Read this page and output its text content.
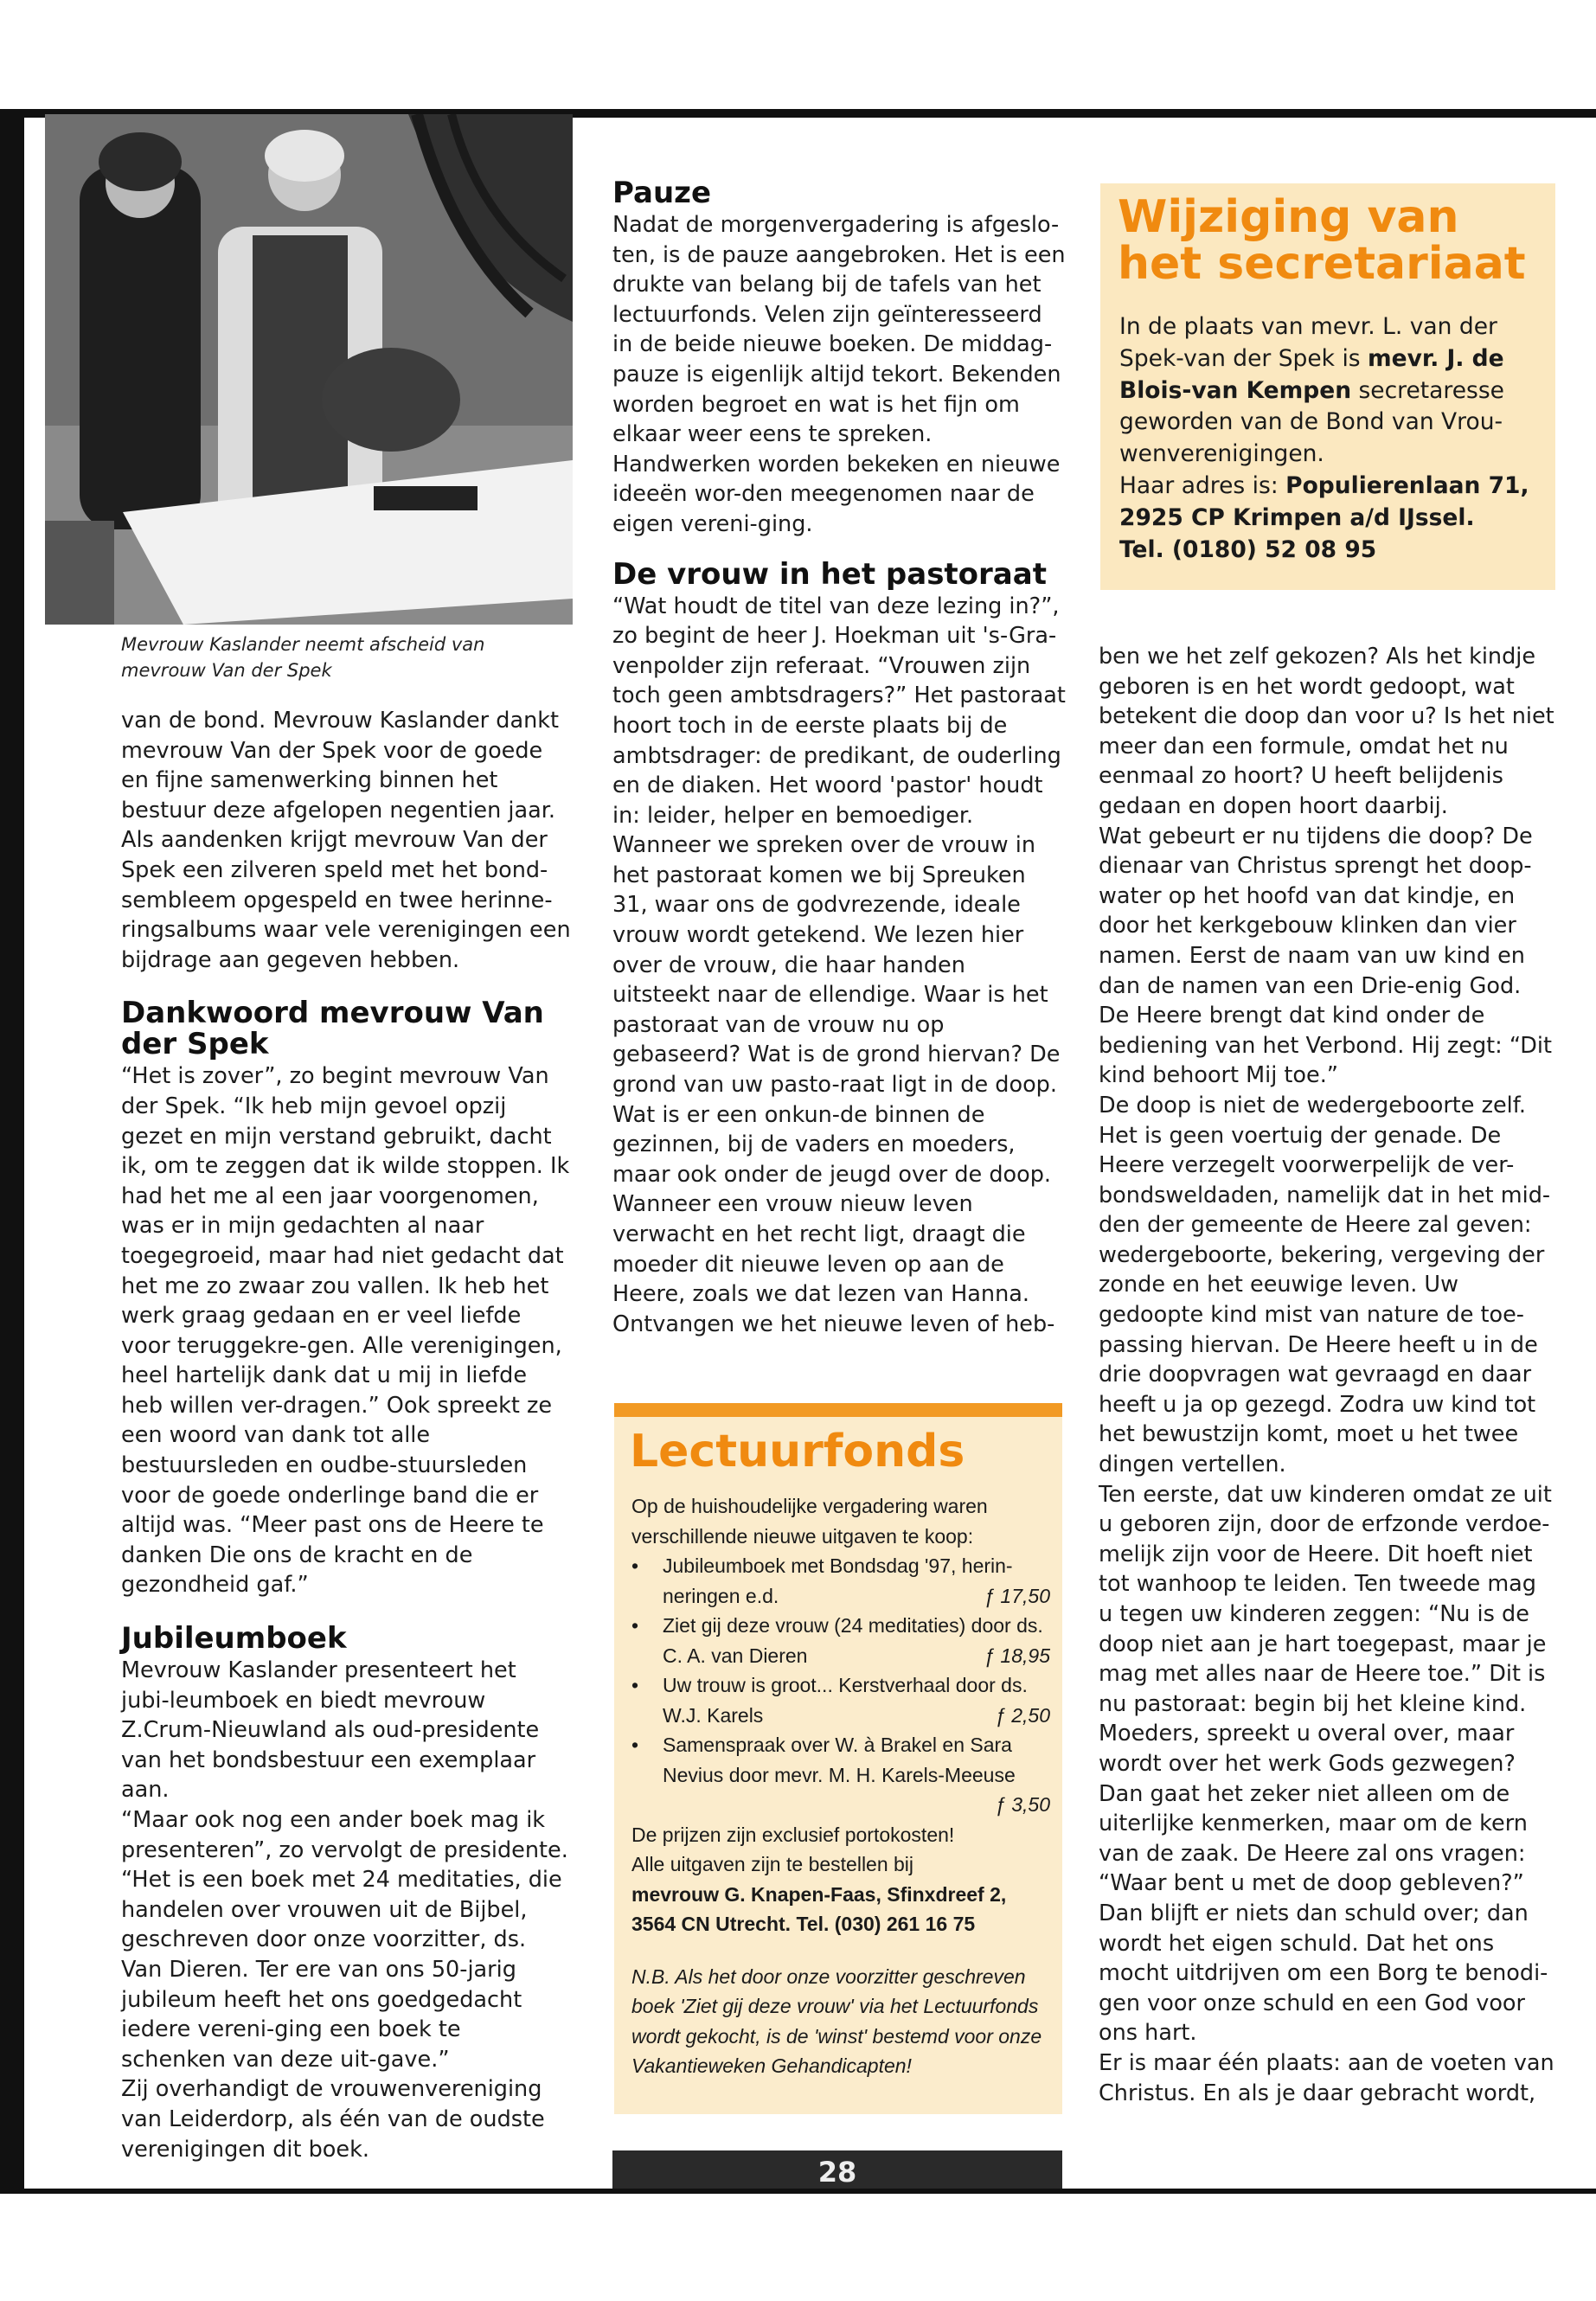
Mevrouw Kaslander neemt afscheid van mevrouw Van der Spek

van de bond. Mevrouw Kaslander dankt mevrouw Van der Spek voor de goede en fijne samenwerking binnen het bestuur deze afgelopen negentien jaar. Als aandenken krijgt mevrouw Van der Spek een zilveren speld met het bond-sembleem opgespeld en twee herinne-ringsalbums waar vele verenigingen een bijdrage aan gegeven hebben.

Dankwoord mevrouw Van der Spek

“Het is zover”, zo begint mevrouw Van der Spek. “Ik heb mijn gevoel opzij gezet en mijn verstand gebruikt, dacht ik, om te zeggen dat ik wilde stoppen. Ik had het me al een jaar voorgenomen, was er in mijn gedachten al naar toegegroeid, maar had niet gedacht dat het me zo zwaar zou vallen. Ik heb het werk graag gedaan en er veel liefde voor teruggekre-gen. Alle verenigingen, heel hartelijk dank dat u mij in liefde heb willen ver-dragen.” Ook spreekt ze een woord van dank tot alle bestuursleden en oudbe-stuursleden voor de goede onderlinge band die er altijd was. “Meer past ons de Heere te danken Die ons de kracht en de gezondheid gaf.”

Jubileumboek

Mevrouw Kaslander presenteert het jubi-leumboek en biedt mevrouw Z.Crum-Nieuwland als oud-presidente van het bondsbestuur een exemplaar aan.

“Maar ook nog een ander boek mag ik presenteren”, zo vervolgt de presidente. “Het is een boek met 24 meditaties, die handelen over vrouwen uit de Bijbel, geschreven door onze voorzitter, ds. Van Dieren. Ter ere van ons 50-jarig jubileum heeft het ons goedgedacht iedere vereni-ging een boek te schenken van deze uit-gave.”

Zij overhandigt de vrouwenvereniging van Leiderdorp, als één van de oudste verenigingen dit boek.

Pauze

Nadat de morgenvergadering is afgeslo-ten, is de pauze aangebroken. Het is een drukte van belang bij de tafels van het lectuurfonds. Velen zijn geïnteresseerd in de beide nieuwe boeken. De middag-pauze is eigenlijk altijd tekort. Bekenden worden begroet en wat is het fijn om elkaar weer eens te spreken. Handwerken worden bekeken en nieuwe ideeën wor-den meegenomen naar de eigen vereni-ging.

De vrouw in het pastoraat

“Wat houdt de titel van deze lezing in?”, zo begint de heer J. Hoekman uit 's-Gra-venpolder zijn referaat. “Vrouwen zijn toch geen ambtsdragers?” Het pastoraat hoort toch in de eerste plaats bij de ambtsdrager: de predikant, de ouderling en de diaken. Het woord 'pastor' houdt in: leider, helper en bemoediger. Wanneer we spreken over de vrouw in het pastoraat komen we bij Spreuken 31, waar ons de godvrezende, ideale vrouw wordt getekend. We lezen hier over de vrouw, die haar handen uitsteekt naar de ellendige. Waar is het pastoraat van de vrouw nu op gebaseerd? Wat is de grond hiervan? De grond van uw pasto-raat ligt in de doop. Wat is er een onkun-de binnen de gezinnen, bij de vaders en moeders, maar ook onder de jeugd over de doop. Wanneer een vrouw nieuw leven verwacht en het recht ligt, draagt die moeder dit nieuwe leven op aan de Heere, zoals we dat lezen van Hanna. Ontvangen we het nieuwe leven of heb-

Wijziging van het secretariaat
In de plaats van mevr. L. van der Spek-van der Spek is mevr. J. de Blois-van Kempen secretaresse geworden van de Bond van Vrou-wenverenigingen.
Haar adres is: Populierenlaan 71, 2925 CP Krimpen a/d IJssel.
Tel. (0180) 52 08 95

ben we het zelf gekozen? Als het kindje geboren is en het wordt gedoopt, wat betekent die doop dan voor u? Is het niet meer dan een formule, omdat het nu eenmaal zo hoort? U heeft belijdenis gedaan en dopen hoort daarbij.

Wat gebeurt er nu tijdens die doop? De dienaar van Christus sprengt het doop-water op het hoofd van dat kindje, en door het kerkgebouw klinken dan vier namen. Eerst de naam van uw kind en dan de namen van een Drie-enig God. De Heere brengt dat kind onder de bediening van het Verbond. Hij zegt: “Dit kind behoort Mij toe.”

De doop is niet de wedergeboorte zelf. Het is geen voertuig der genade. De Heere verzegelt voorwerpelijk de ver-bondsweldaden, namelijk dat in het mid-den der gemeente de Heere zal geven: wedergeboorte, bekering, vergeving der zonde en het eeuwige leven. Uw gedoopte kind mist van nature de toe-passing hiervan. De Heere heeft u in de drie doopvragen wat gevraagd en daar heeft u ja op gezegd. Zodra uw kind tot het bewustzijn komt, moet u het twee dingen vertellen.

Ten eerste, dat uw kinderen omdat ze uit u geboren zijn, door de erfzonde verdoe-melijk zijn voor de Heere. Dit hoeft niet tot wanhoop te leiden. Ten tweede mag u tegen uw kinderen zeggen: “Nu is de doop niet aan je hart toegepast, maar je mag met alles naar de Heere toe.” Dit is nu pastoraat: begin bij het kleine kind. Moeders, spreekt u overal over, maar wordt over het werk Gods gezwegen? Dan gaat het zeker niet alleen om de uiterlijke kenmerken, maar om de kern van de zaak. De Heere zal ons vragen: “Waar bent u met de doop gebleven?” Dan blijft er niets dan schuld over; dan wordt het eigen schuld. Dat het ons mocht uitdrijven om een Borg te benodi-gen voor onze schuld en een God voor ons hart.

Er is maar één plaats: aan de voeten van Christus. En als je daar gebracht wordt,

Lectuurfonds
Op de huishoudelijke vergadering waren verschillende nieuwe uitgaven te koop:
• Jubileumboek met Bondsdag '97, herin-neringen e.d.	ƒ 17,50
• Ziet gij deze vrouw (24 meditaties) door ds. C. A. van Dieren	ƒ 18,95
• Uw trouw is groot... Kerstverhaal door ds. W.J. Karels	ƒ 2,50
• Samenspraak over W. à Brakel en Sara Nevius door mevr. M. H. Karels-Meeuse
ƒ 3,50
De prijzen zijn exclusief portokosten!
Alle uitgaven zijn te bestellen bij
mevrouw G. Knapen-Faas, Sfinxdreef 2, 3564 CN Utrecht. Tel. (030) 261 16 75
N.B. Als het door onze voorzitter geschreven boek 'Ziet gij deze vrouw' via het Lectuurfonds wordt gekocht, is de 'winst' bestemd voor onze Vakantieweken Gehandicapten!
28
